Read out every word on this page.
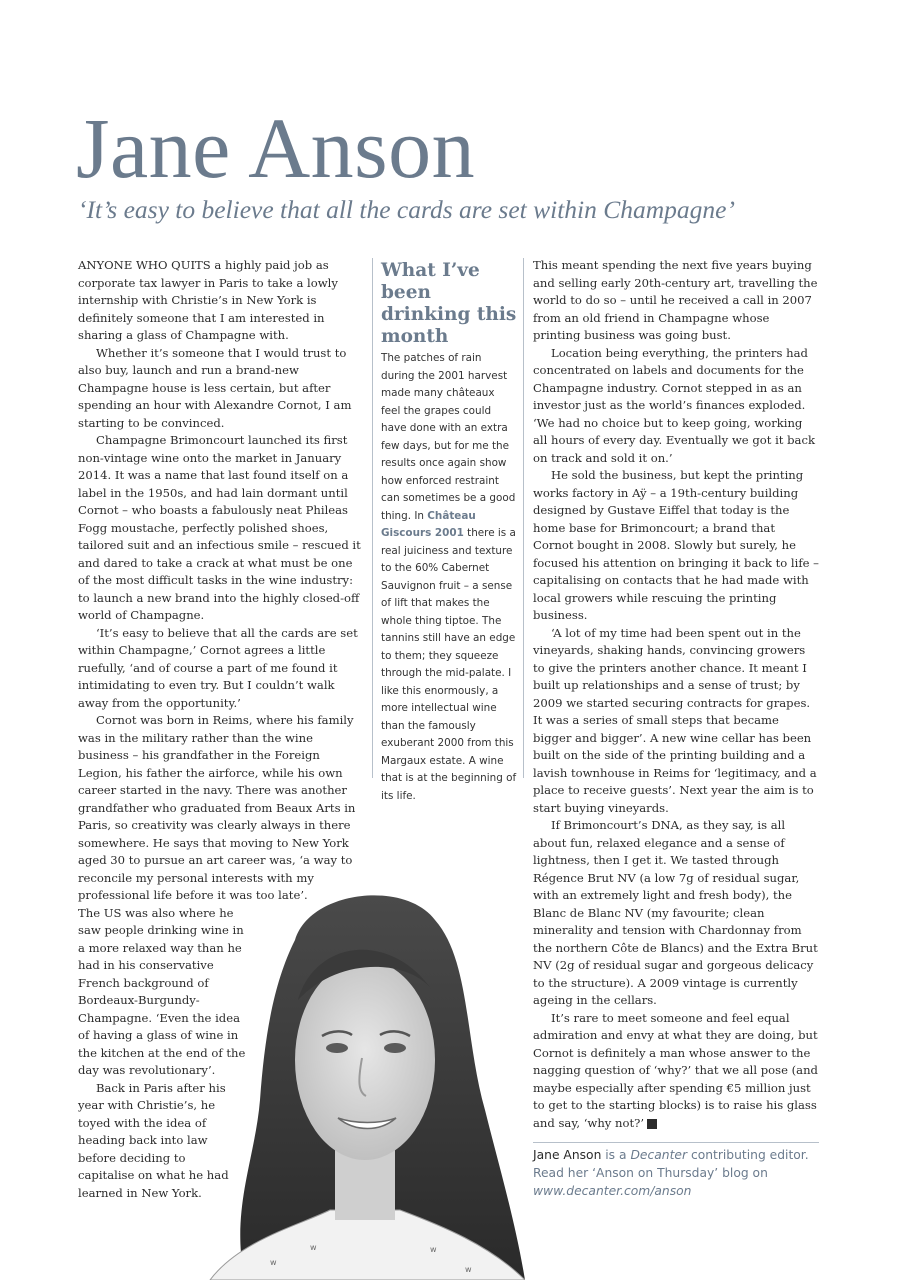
Jane Anson

‘It’s easy to believe that all the cards are set within Champagne’

ANYONE WHO QUITS a highly paid job as corporate tax lawyer in Paris to take a lowly internship with Christie’s in New York is definitely someone that I am interested in sharing a glass of Champagne with.

Whether it’s someone that I would trust to also buy, launch and run a brand-new Champagne house is less certain, but after spending an hour with Alexandre Cornot, I am starting to be convinced.

Champagne Brimoncourt launched its first non-vintage wine onto the market in January 2014. It was a name that last found itself on a label in the 1950s, and had lain dormant until Cornot – who boasts a fabulously neat Phileas Fogg moustache, perfectly polished shoes, tailored suit and an infectious smile – rescued it and dared to take a crack at what must be one of the most difficult tasks in the wine industry: to launch a new brand into the highly closed-off world of Champagne.

‘It’s easy to believe that all the cards are set within Champagne,’ Cornot agrees a little ruefully, ‘and of course a part of me found it intimidating to even try. But I couldn’t walk away from the opportunity.’

Cornot was born in Reims, where his family was in the military rather than the wine business – his grandfather in the Foreign Legion, his father the airforce, while his own career started in the navy. There was another grandfather who graduated from Beaux Arts in Paris, so creativity was clearly always in there somewhere. He says that moving to New York aged 30 to pursue an art career was, ‘a way to reconcile my personal interests with my professional life before it was too late’.

The US was also where he saw people drinking wine in a more relaxed way than he had in his conservative French background of Bordeaux-Burgundy-Champagne. ‘Even the idea of having a glass of wine in the kitchen at the end of the day was revolutionary’.

Back in Paris after his year with Christie’s, he toyed with the idea of heading back into law before deciding to capitalise on what he had learned in New York.

What I’ve been drinking this month

The patches of rain during the 2001 harvest made many châteaux feel the grapes could have done with an extra few days, but for me the results once again show how enforced restraint can sometimes be a good thing. In Château Giscours 2001 there is a real juiciness and texture to the 60% Cabernet Sauvignon fruit – a sense of lift that makes the whole thing tiptoe. The tannins still have an edge to them; they squeeze through the mid-palate. I like this enormously, a more intellectual wine than the famously exuberant 2000 from this Margaux estate. A wine that is at the beginning of its life.

This meant spending the next five years buying and selling early 20th-century art, travelling the world to do so – until he received a call in 2007 from an old friend in Champagne whose printing business was going bust.

Location being everything, the printers had concentrated on labels and documents for the Champagne industry. Cornot stepped in as an investor just as the world’s finances exploded. ‘We had no choice but to keep going, working all hours of every day. Eventually we got it back on track and sold it on.’

He sold the business, but kept the printing works factory in Aÿ – a 19th-century building designed by Gustave Eiffel that today is the home base for Brimoncourt; a brand that Cornot bought in 2008. Slowly but surely, he focused his attention on bringing it back to life – capitalising on contacts that he had made with local growers while rescuing the printing business.

‘A lot of my time had been spent out in the vineyards, shaking hands, convincing growers to give the printers another chance. It meant I built up relationships and a sense of trust; by 2009 we started securing contracts for grapes. It was a series of small steps that became bigger and bigger’. A new wine cellar has been built on the side of the printing building and a lavish townhouse in Reims for ‘legitimacy, and a place to receive guests’. Next year the aim is to start buying vineyards.

If Brimoncourt’s DNA, as they say, is all about fun, relaxed elegance and a sense of lightness, then I get it. We tasted through Régence Brut NV (a low 7g of residual sugar, with an extremely light and fresh body), the Blanc de Blanc NV (my favourite; clean minerality and tension with Chardonnay from the northern Côte de Blancs) and the Extra Brut NV (2g of residual sugar and gorgeous delicacy to the structure). A 2009 vintage is currently ageing in the cellars.

It’s rare to meet someone and feel equal admiration and envy at what they are doing, but Cornot is definitely a man whose answer to the nagging question of ‘why?’ that we all pose (and maybe especially after spending €5 million just to get to the starting blocks) is to raise his glass and say, ‘why not?’	D

Jane Anson is a Decanter contributing editor. Read her ‘Anson on Thursday’ blog on www.decanter.com/anson
w
w	w
w
